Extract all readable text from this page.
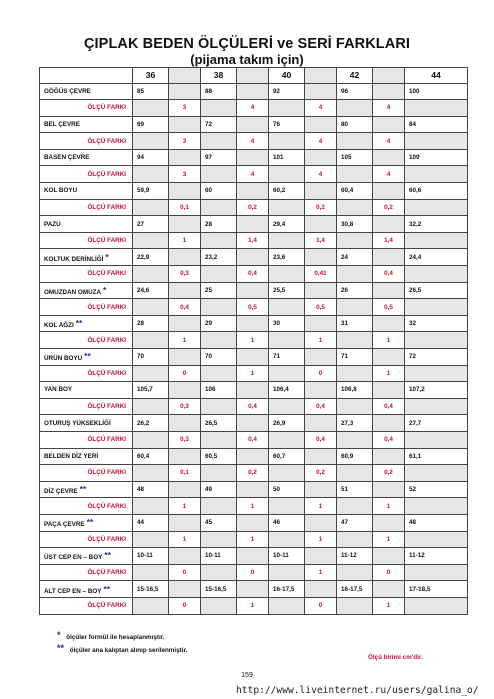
ÇIPLAK BEDEN ÖLÇÜLERİ ve SERİ FARKLARI
(pijama takım için)
	36		38		40		42		44
GÖĞÜS ÇEVRE	85		88		92		96		100
ÖLÇÜ FARKI		3		4		4		4	
BEL ÇEVRE	69		72		76		80		84
ÖLÇÜ FARKI		3		4		4		4	
BASEN ÇEVRE	94		97		101		105		109
ÖLÇÜ FARKI		3		4		4		4	
KOL BOYU	59,9		60		60,2		60,4		60,6
ÖLÇÜ FARKI		0,1		0,2		0,2		0,2	
PAZU	27		28		29,4		30,8		32,2
ÖLÇÜ FARKI		1		1,4		1,4		1,4	
KOLTUK DERİNLİĞİ *	22,9		23,2		23,6		24		24,4
ÖLÇÜ FARKI		0,3		0,4		0,41		0,4	
OMUZDAN OMUZA *	24,6		25		25,5		26		26,5
ÖLÇÜ FARKI		0,4		0,5		0,5		0,5	
KOL AĞZI **	28		29		30		31		32
ÖLÇÜ FARKI		1		1		1		1	
ÜRÜN BOYU **	70		70		71		71		72
ÖLÇÜ FARKI		0		1		0		1	
YAN BOY	105,7		106		106,4		106,8		107,2
ÖLÇÜ FARKI		0,3		0,4		0,4		0,4	
OTURUŞ YÜKSEKLİĞİ	26,2		26,5		26,9		27,3		27,7
ÖLÇÜ FARKI		0,3		0,4		0,4		0,4	
BELDEN DİZ YERİ	60,4		60,5		60,7		60,9		61,1
ÖLÇÜ FARKI		0,1		0,2		0,2		0,2	
DİZ ÇEVRE **	48		49		50		51		52
ÖLÇÜ FARKI		1		1		1		1	
PAÇA ÇEVRE **	44		45		46		47		48
ÖLÇÜ FARKI		1		1		1		1	
ÜST CEP EN – BOY **	10-11		10-11		10-11		11-12		11-12
ÖLÇÜ FARKI		0		0		1		0	
ALT CEP EN – BOY **	15-16,5		15-16,5		16-17,5		16-17,5		17-18,5
ÖLÇÜ FARKI		0		1		0		1	
* ölçüler formül ile hesaplanmıştır.
** ölçüler ana kalıptan alınıp serilenmiştir.
Ölçü birimi cm'dir.
159
http://www.liveinternet.ru/users/galina_o/
